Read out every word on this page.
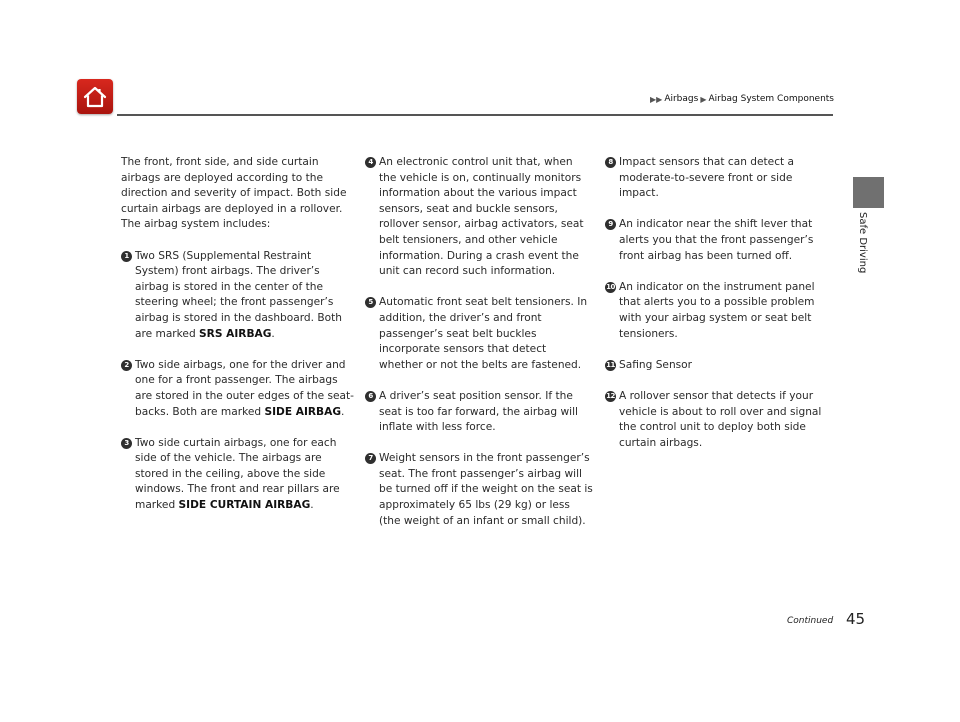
▶▶ Airbags ▶ Airbag System Components
Safe Driving

The front, front side, and side curtain airbags are deployed according to the direction and severity of impact. Both side curtain airbags are deployed in a rollover. The airbag system includes:

1 Two SRS (Supplemental Restraint System) front airbags. The driver’s airbag is stored in the center of the steering wheel; the front passenger’s airbag is stored in the dashboard. Both are marked SRS AIRBAG.
2 Two side airbags, one for the driver and one for a front passenger. The airbags are stored in the outer edges of the seat-backs. Both are marked SIDE AIRBAG.
3 Two side curtain airbags, one for each side of the vehicle. The airbags are stored in the ceiling, above the side windows. The front and rear pillars are marked SIDE CURTAIN AIRBAG.
4 An electronic control unit that, when the vehicle is on, continually monitors information about the various impact sensors, seat and buckle sensors, rollover sensor, airbag activators, seat belt tensioners, and other vehicle information. During a crash event the unit can record such information.
5 Automatic front seat belt tensioners. In addition, the driver’s and front passenger’s seat belt buckles incorporate sensors that detect whether or not the belts are fastened.
6 A driver’s seat position sensor. If the seat is too far forward, the airbag will inflate with less force.
7 Weight sensors in the front passenger’s seat. The front passenger’s airbag will be turned off if the weight on the seat is approximately 65 lbs (29 kg) or less (the weight of an infant or small child).
8 Impact sensors that can detect a moderate-to-severe front or side impact.
9 An indicator near the shift lever that alerts you that the front passenger’s front airbag has been turned off.
10 An indicator on the instrument panel that alerts you to a possible problem with your airbag system or seat belt tensioners.
11 Safing Sensor
12 A rollover sensor that detects if your vehicle is about to roll over and signal the control unit to deploy both side curtain airbags.
Continued 45
